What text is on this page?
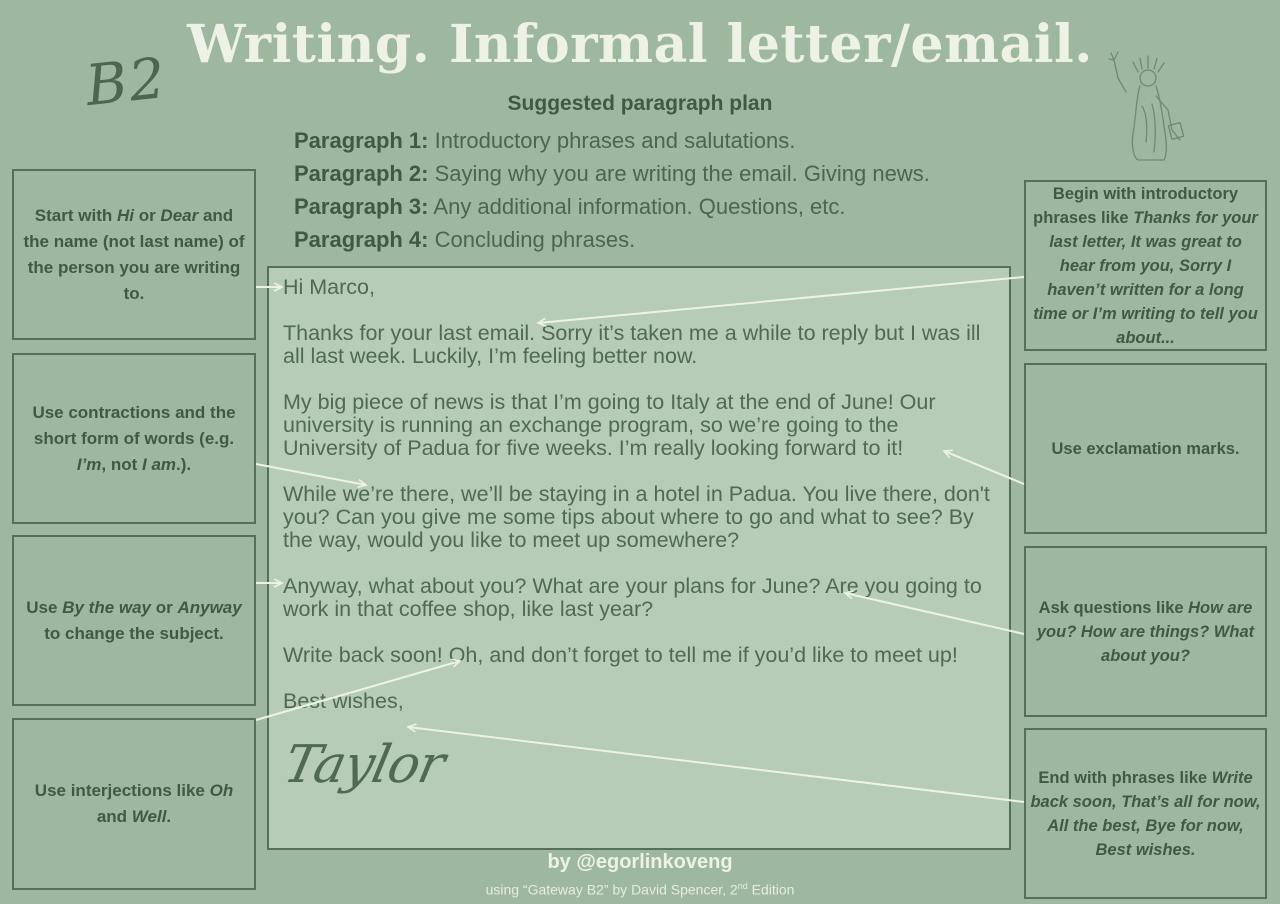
Writing. Informal letter/email.
B2	Suggested paragraph plan
Paragraph 1: Introductory phrases and salutations.
Paragraph 2: Saying why you are writing the email. Giving news.
Paragraph 3: Any additional information. Questions, etc.
Paragraph 4: Concluding phrases.

Hi Marco,

Thanks for your last email. Sorry it’s taken me a while to reply but I was ill all last week. Luckily, I’m feeling better now.

My big piece of news is that I’m going to Italy at the end of June! Our university is running an exchange program, so we’re going to the University of Padua for five weeks. I’m really looking forward to it!

While we’re there, we’ll be staying in a hotel in Padua. You live there, don't you? Can you give me some tips about where to go and what to see? By the way, would you like to meet up somewhere?

Anyway, what about you? What are your plans for June? Are you going to work in that coffee shop, like last year?

Write back soon! Oh, and don’t forget to tell me if you’d like to meet up!

Best wishes,

Taylor
Start with Hi or Dear and the name (not last name) of the person you are writing to.
Use contractions and the short form of words (e.g. I’m, not I am.).
Use By the way or Anyway to change the subject.
Use interjections like Oh and Well.
Begin with introductory phrases like Thanks for your last letter, It was great to hear from you, Sorry I haven’t written for a long time or I’m writing to tell you about...
Use exclamation marks.
Ask questions like How are you? How are things? What about you?
End with phrases like Write back soon, That’s all for now, All the best, Bye for now, Best wishes.
by @egorlinkoveng
using “Gateway B2” by David Spencer, 2nd Edition
